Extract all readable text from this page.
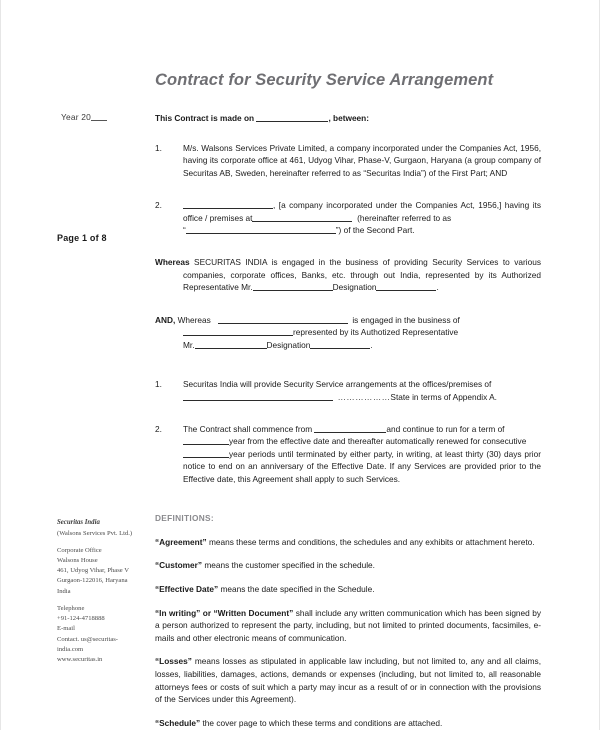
Year 20
Page 1 of 8
Securitas India
(Walsons Services Pvt. Ltd.)
Corporate Office
Walsons House
461, Udyog Vihar, Phase V
Gurgaon-122016, Haryana
India
Telephone
+91-124-4718888
E-mail
Contact. us@securitas-
india.com
www.securitas.in
Contract for Security Service Arrangement

This Contract is made on	, between:

1.	M/s. Walsons Services Private Limited, a company incorporated under the Companies Act, 1956, having its corporate office at 461, Udyog Vihar, Phase-V, Gurgaon, Haryana (a group company of Securitas AB, Sweden, hereinafter referred to as “Securitas India”) of the First Part; AND
2.	, [a company incorporated under the Companies Act, 1956,] having its office / premises at	(hereinafter referred to as
“	”) of the Second Part.

Whereas SECURITAS INDIA is engaged in the business of providing Security Services to various companies, corporate offices, Banks, etc. through out India, represented by its Authorized Representative Mr.	Designation	.

AND, Whereas	is engaged in the business of
represented by its Authotized Representative
Mr.	Designation	.
1.	Securitas India will provide Security Service arrangements at the offices/premises of
………………State in terms of Appendix A.
2.	The Contract shall commence from	and continue to run for a term of
year from the effective date and thereafter automatically renewed for consecutive
year periods until terminated by either party, in writing, at least thirty (30) days prior notice to end on an anniversary of the Effective Date. If any Services are provided prior to the Effective date, this Agreement shall apply to such Services.

DEFINITIONS:

“Agreement” means these terms and conditions, the schedules and any exhibits or attachment hereto.

“Customer” means the customer specified in the schedule.

“Effective Date” means the date specified in the Schedule.

“In writing” or “Written Document” shall include any written communication which has been signed by a person authorized to represent the party, including, but not limited to printed documents, facsimiles, e-mails and other electronic means of communication.

“Losses” means losses as stipulated in applicable law including, but not limited to, any and all claims, losses, liabilities, damages, actions, demands or expenses (including, but not limited to, all reasonable attorneys fees or costs of suit which a party may incur as a result of or in connection with the provisions of the Services under this Agreement).

“Schedule” the cover page to which these terms and conditions are attached.
